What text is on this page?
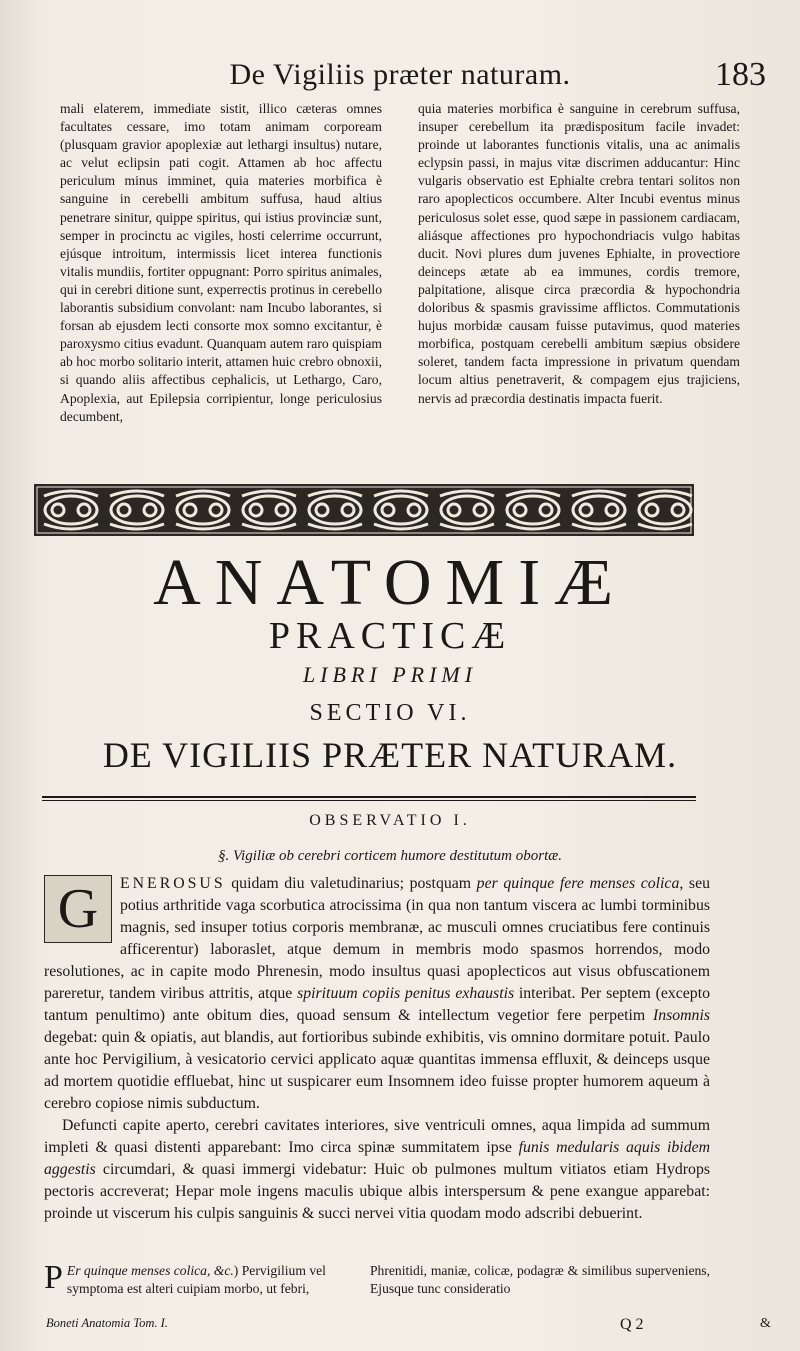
De Vigiliis præter naturam.	183

mali elaterem, immediate sistit, illico cæteras omnes facultates cessare, imo totam animam corpoream (plusquam gravior apoplexiæ aut lethargi insultus) nutare, ac velut eclipsin pati cogit. Attamen ab hoc affectu periculum minus imminet, quia materies morbifica è sanguine in cerebelli ambitum suffusa, haud altius penetrare sinitur, quippe spiritus, qui istius provinciæ sunt, semper in procinctu ac vigiles, hosti celerrime occurrunt, ejúsque introitum, intermissis licet interea functionis vitalis mundiis, fortiter oppugnant: Porro spiritus animales, qui in cerebri ditione sunt, experrectis protinus in cerebello laborantis subsidium convolant: nam Incubo laborantes, si forsan ab ejusdem lecti consorte mox somno excitantur, è paroxysmo citius evadunt. Quanquam autem raro quispiam ab hoc morbo solitario interit, attamen huic crebro obnoxii, si quando aliis affectibus cephalicis, ut Lethargo, Caro, Apoplexia, aut Epilepsia corripientur, longe periculosius decumbent,

quia materies morbifica è sanguine in cerebrum suffusa, insuper cerebellum ita prædispositum facile invadet: proinde ut laborantes functionis vitalis, una ac animalis eclypsin passi, in majus vitæ discrimen adducantur: Hinc vulgaris observatio est Ephialte crebra tentari solitos non raro apoplecticos occumbere. Alter Incubi eventus minus periculosus solet esse, quod sæpe in passionem cardiacam, aliásque affectiones pro hypochondriacis vulgo habitas ducit. Novi plures dum juvenes Ephialte, in provectiore deinceps ætate ab ea immunes, cordis tremore, palpitatione, alisque circa præcordia & hypochondria doloribus & spasmis gravissime afflictos. Commutationis hujus morbidæ causam fuisse putavimus, quod materies morbifica, postquam cerebelli ambitum sæpius obsidere soleret, tandem facta impressione in privatum quendam locum altius penetraverit, & compagem ejus trajiciens, nervis ad præcordia destinatis impacta fuerit.

ANATOMIÆ
PRACTICÆ
LIBRI PRIMI
SECTIO VI.
DE VIGILIIS PRÆTER NATURAM.
OBSERVATIO I.
§. Vigiliæ ob cerebri corticem humore destitutum obortæ.

G	ENEROSUS quidam diu valetudinarius; postquam per quinque fere menses colica, seu potius arthritide vaga scorbutica atrocissima (in qua non tantum viscera ac lumbi torminibus magnis, sed insuper totius corporis membranæ, ac musculi omnes cruciatibus fere continuis afficerentur) laboraslet, atque demum in membris modo spasmos horrendos, modo resolutiones, ac in capite modo Phrenesin, modo insultus quasi apoplecticos aut visus obfuscationem pareretur, tandem viribus attritis, atque spirituum copiis penitus exhaustis interibat. Per septem (excepto tantum penultimo) ante obitum dies, quoad sensum & intellectum vegetior fere perpetim Insomnis degebat: quin & opiatis, aut blandis, aut fortioribus subinde exhibitis, vis omnino dormitare potuit. Paulo ante hoc Pervigilium, à vesicatorio cervici applicato aquæ quantitas immensa effluxit, & deinceps usque ad mortem quotidie effluebat, hinc ut suspicarer eum Insomnem ideo fuisse propter humorem aqueum à cerebro copiose nimis subductum.

Defuncti capite aperto, cerebri cavitates interiores, sive ventriculi omnes, aqua limpida ad summum impleti & quasi distenti apparebant: Imo circa spinæ summitatem ipse funis medularis aquis ibidem aggestis circumdari, & quasi immergi videbatur: Huic ob pulmones multum vitiatos etiam Hydrops pectoris accreverat; Hepar mole ingens maculis ubique albis interspersum & pene exangue apparebat: proinde ut viscerum his culpis sanguinis & succi nervei vitia quodam modo adscribi debuerint.

P Er quinque menses colica, &c.) Pervigilium vel symptoma est alteri cuipiam morbo, ut febri,
Phrenitidi, maniæ, colicæ, podagræ & similibus superveniens, Ejusque tunc consideratio
Boneti Anatomia Tom. I.	Q 2	&
